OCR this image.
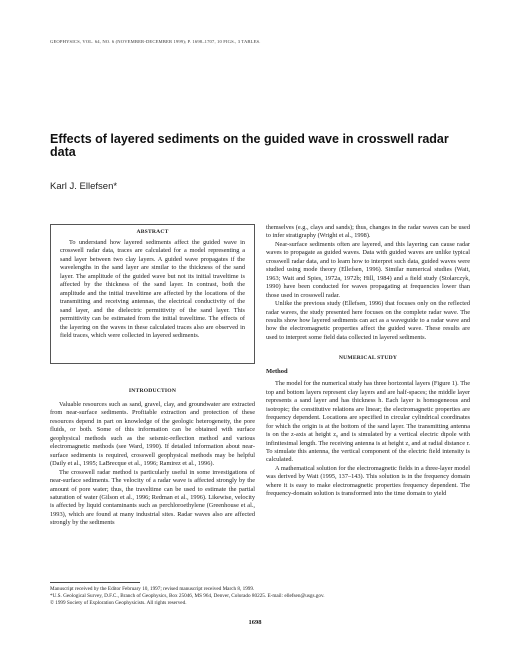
GEOPHYSICS, VOL. 64, NO. 6 (NOVEMBER-DECEMBER 1999); P. 1698–1707, 10 FIGS., 3 TABLES.
Effects of layered sediments on the guided wave in crosswell radar data
Karl J. Ellefsen*
ABSTRACT

To understand how layered sediments affect the guided wave in crosswell radar data, traces are calculated for a model representing a sand layer between two clay layers. A guided wave propagates if the wavelengths in the sand layer are similar to the thickness of the sand layer. The amplitude of the guided wave but not its initial traveltime is affected by the thickness of the sand layer. In contrast, both the amplitude and the initial traveltime are affected by the locations of the transmitting and receiving antennas, the electrical conductivity of the sand layer, and the dielectric permittivity of the sand layer. This permittivity can be estimated from the initial traveltime. The effects of the layering on the waves in these calculated traces also are observed in field traces, which were collected in layered sediments.

INTRODUCTION

Valuable resources such as sand, gravel, clay, and groundwater are extracted from near-surface sediments. Profitable extraction and protection of these resources depend in part on knowledge of the geologic heterogeneity, the pore fluids, or both. Some of this information can be obtained with surface geophysical methods such as the seismic-reflection method and various electromagnetic methods (see Ward, 1990). If detailed information about near-surface sediments is required, crosswell geophysical methods may be helpful (Daily et al., 1995; LaBrecque et al., 1996; Ramirez et al., 1996).

The crosswell radar method is particularly useful in some investigations of near-surface sediments. The velocity of a radar wave is affected strongly by the amount of pore water; thus, the traveltime can be used to estimate the partial saturation of water (Gilson et al., 1996; Redman et al., 1996). Likewise, velocity is affected by liquid contaminants such as perchloroethylene (Greenhouse et al., 1993), which are found at many industrial sites. Radar waves also are affected strongly by the sediments

themselves (e.g., clays and sands); thus, changes in the radar waves can be used to infer stratigraphy (Wright et al., 1998).

Near-surface sediments often are layered, and this layering can cause radar waves to propagate as guided waves. Data with guided waves are unlike typical crosswell radar data, and to learn how to interpret such data, guided waves were studied using mode theory (Ellefsen, 1996). Similar numerical studies (Wait, 1963; Wait and Spies, 1972a, 1972b; Hill, 1984) and a field study (Stolarczyk, 1990) have been conducted for waves propagating at frequencies lower than those used in crosswell radar.

Unlike the previous study (Ellefsen, 1996) that focuses only on the reflected radar waves, the study presented here focuses on the complete radar wave. The results show how layered sediments can act as a waveguide to a radar wave and how the electromagnetic properties affect the guided wave. These results are used to interpret some field data collected in layered sediments.

NUMERICAL STUDY
Method

The model for the numerical study has three horizontal layers (Figure 1). The top and bottom layers represent clay layers and are half-spaces; the middle layer represents a sand layer and has thickness h. Each layer is homogeneous and isotropic; the constitutive relations are linear; the electromagnetic properties are frequency dependent. Locations are specified in circular cylindrical coordinates for which the origin is at the bottom of the sand layer. The transmitting antenna is on the z-axis at height z₀ and is simulated by a vertical electric dipole with infinitesimal length. The receiving antenna is at height z, and at radial distance r. To simulate this antenna, the vertical component of the electric field intensity is calculated.

A mathematical solution for the electromagnetic fields in a three-layer model was derived by Wait (1995, 137–143). This solution is in the frequency domain where it is easy to make electromagnetic properties frequency dependent. The frequency-domain solution is transformed into the time domain to yield

Manuscript received by the Editor February 10, 1997; revised manuscript received March 8, 1999.
*U.S. Geological Survey, D.F.C., Branch of Geophysics, Box 25046, MS 964, Denver, Colorado 80225. E-mail: ellefsen@usgs.gov.
© 1999 Society of Exploration Geophysicists. All rights reserved.
1698
